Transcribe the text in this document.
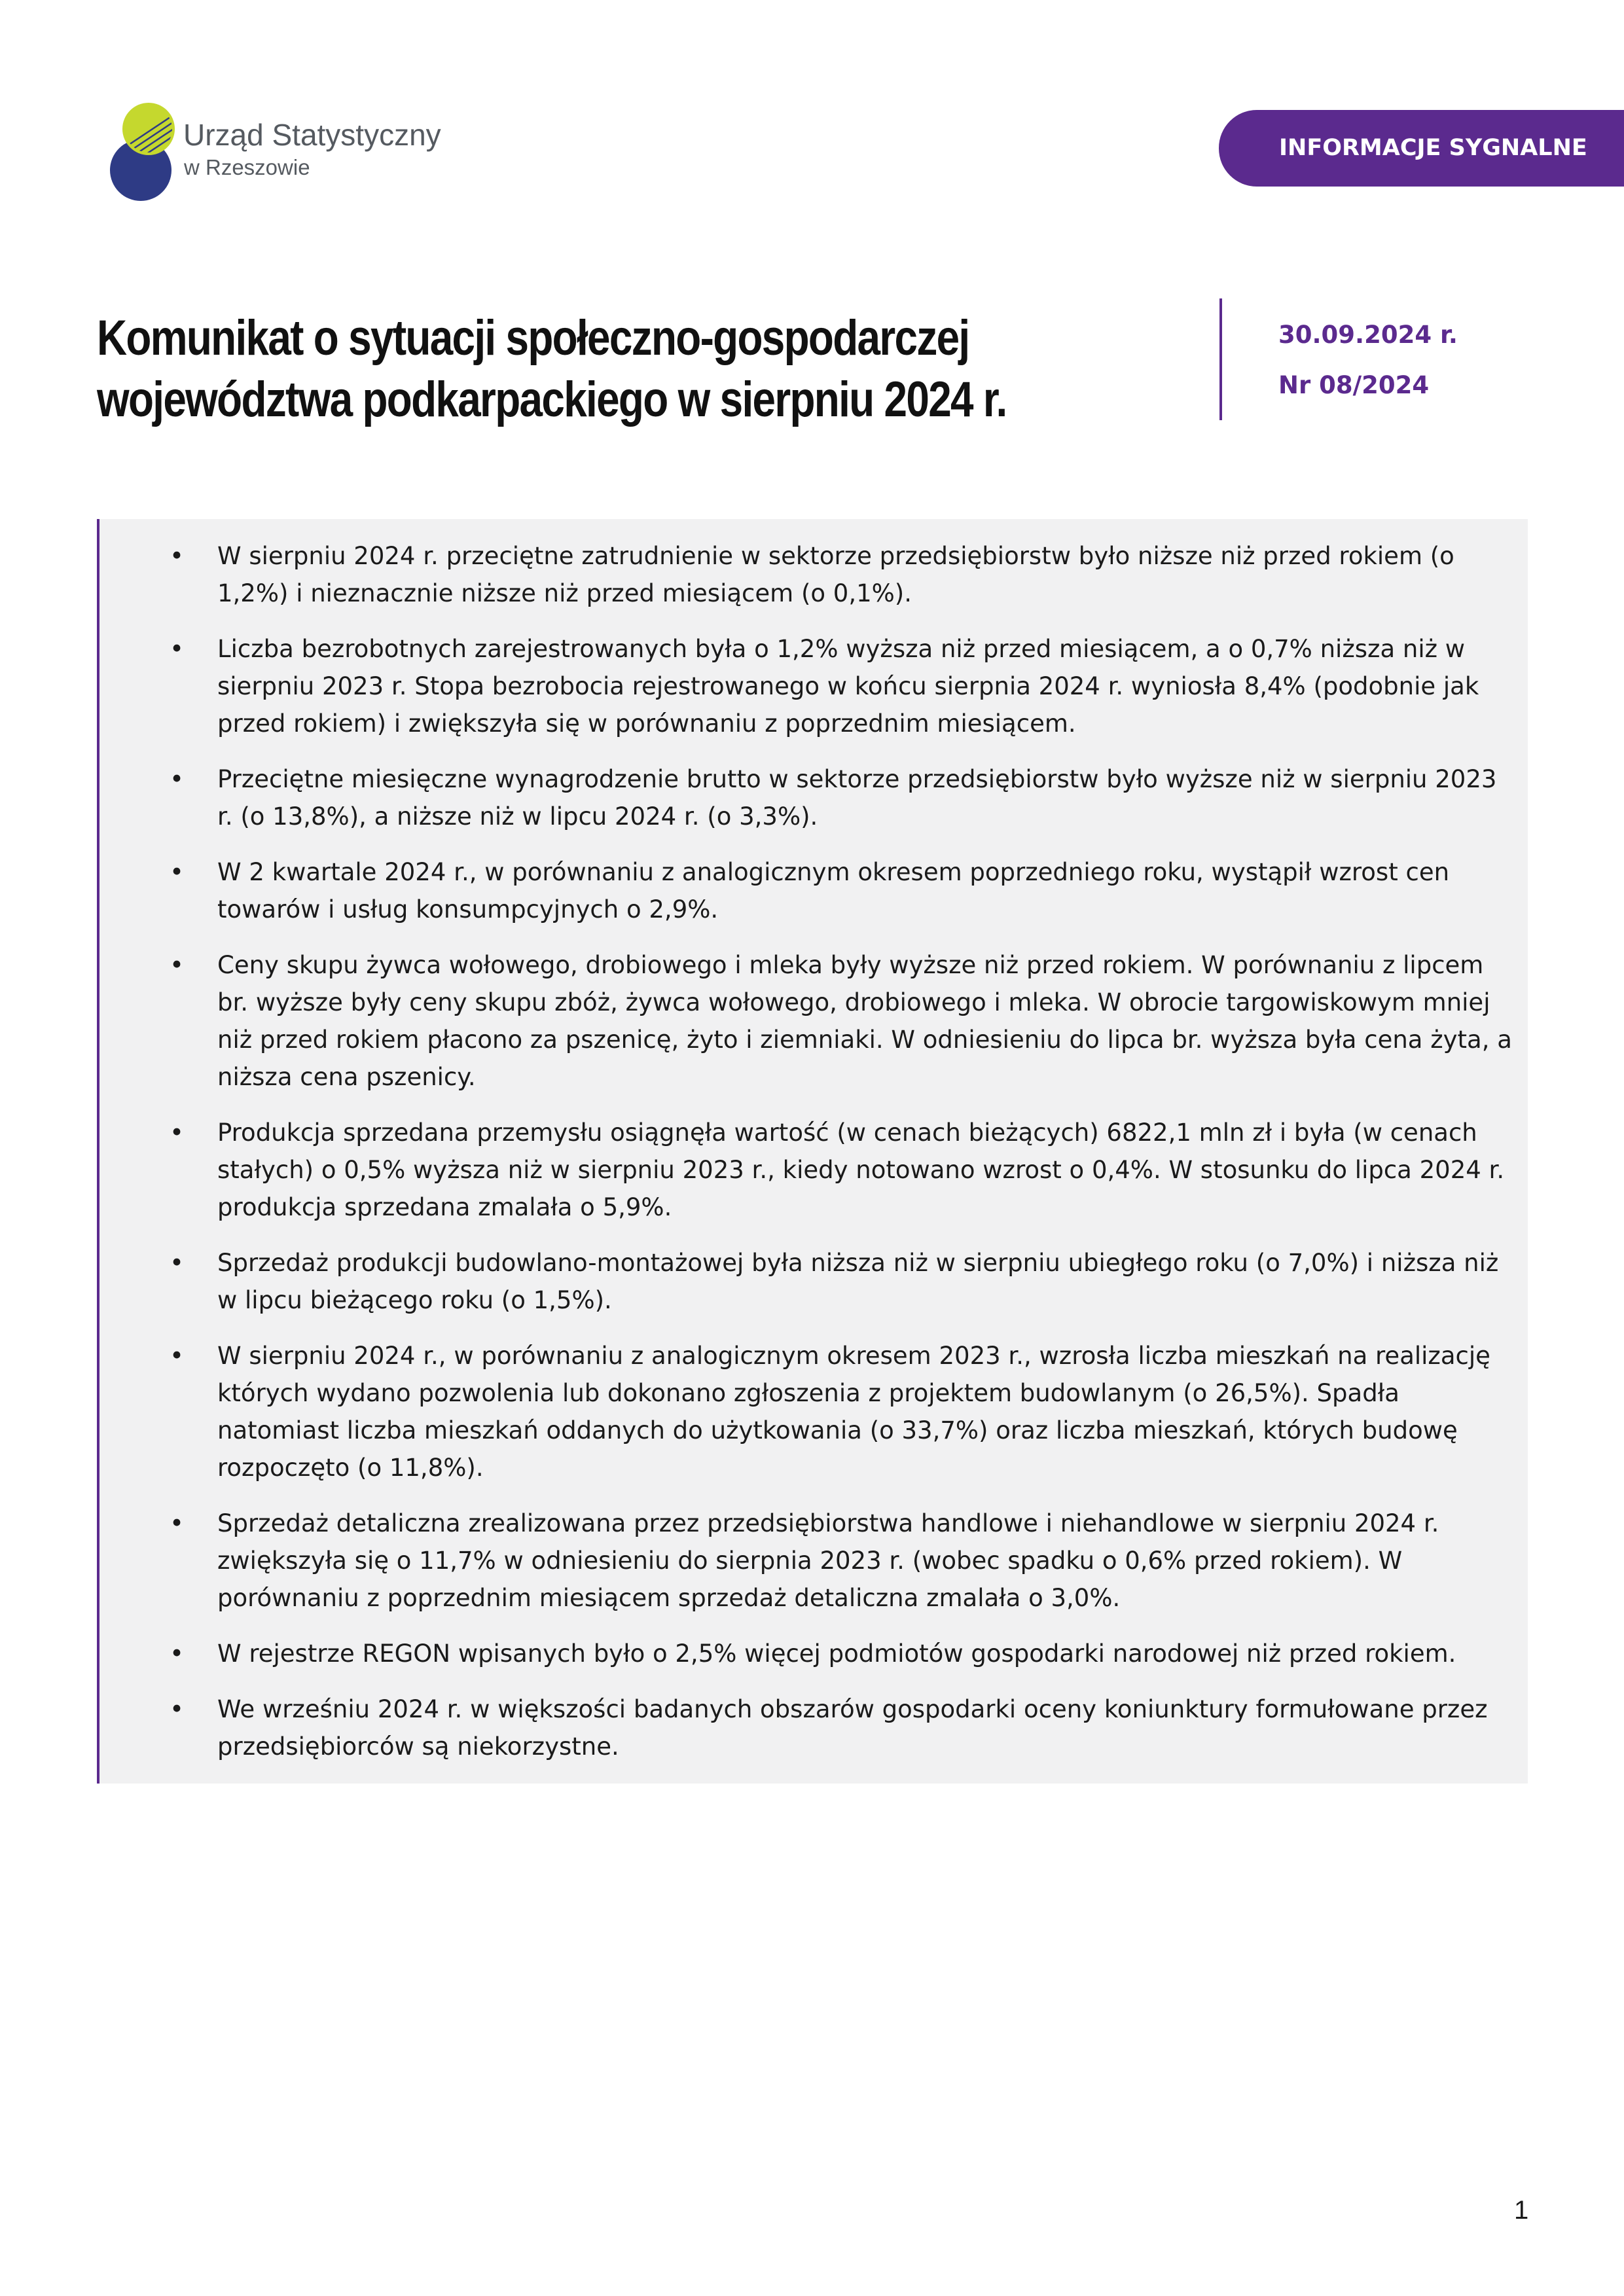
Urząd Statystyczny
w Rzeszowie
INFORMACJE SYGNALNE
Komunikat o sytuacji społeczno-gospodarczej
województwa podkarpackiego w sierpniu 2024 r.
30.09.2024 r.
Nr 08/2024
• W sierpniu 2024 r. przeciętne zatrudnienie w sektorze przedsiębiorstw było niższe niż przed rokiem (o 1,2%) i nieznacznie niższe niż przed miesiącem (o 0,1%).
• Liczba bezrobotnych zarejestrowanych była o 1,2% wyższa niż przed miesiącem, a o 0,7% niższa niż w sierpniu 2023 r. Stopa bezrobocia rejestrowanego w końcu sierpnia 2024 r. wyniosła 8,4% (podobnie jak przed rokiem) i zwiększyła się w porównaniu z poprzednim miesiącem.
• Przeciętne miesięczne wynagrodzenie brutto w sektorze przedsiębiorstw było wyższe niż w sierpniu 2023 r. (o 13,8%), a niższe niż w lipcu 2024 r. (o 3,3%).
• W 2 kwartale 2024 r., w porównaniu z analogicznym okresem poprzedniego roku, wystąpił wzrost cen towarów i usług konsumpcyjnych o 2,9%.
• Ceny skupu żywca wołowego, drobiowego i mleka były wyższe niż przed rokiem. W porównaniu z lipcem br. wyższe były ceny skupu zbóż, żywca wołowego, drobiowego i mleka. W obrocie targowiskowym mniej niż przed rokiem płacono za pszenicę, żyto i ziemniaki. W odniesieniu do lipca br. wyższa była cena żyta, a niższa cena pszenicy.
• Produkcja sprzedana przemysłu osiągnęła wartość (w cenach bieżących) 6822,1 mln zł i była (w cenach stałych) o 0,5% wyższa niż w sierpniu 2023 r., kiedy notowano wzrost o 0,4%. W stosunku do lipca 2024 r. produkcja sprzedana zmalała o 5,9%.
• Sprzedaż produkcji budowlano-montażowej była niższa niż w sierpniu ubiegłego roku (o 7,0%) i niższa niż w lipcu bieżącego roku (o 1,5%).
• W sierpniu 2024 r., w porównaniu z analogicznym okresem 2023 r., wzrosła liczba mieszkań na realizację których wydano pozwolenia lub dokonano zgłoszenia z projektem budowlanym (o 26,5%). Spadła natomiast liczba mieszkań oddanych do użytkowania (o 33,7%) oraz liczba mieszkań, których budowę rozpoczęto (o 11,8%).
• Sprzedaż detaliczna zrealizowana przez przedsiębiorstwa handlowe i niehandlowe w sierpniu 2024 r. zwiększyła się o 11,7% w odniesieniu do sierpnia 2023 r. (wobec spadku o 0,6% przed rokiem). W porównaniu z poprzednim miesiącem sprzedaż detaliczna zmalała o 3,0%.
• W rejestrze REGON wpisanych było o 2,5% więcej podmiotów gospodarki narodowej niż przed rokiem.
• We wrześniu 2024 r. w większości badanych obszarów gospodarki oceny koniunktury formułowane przez przedsiębiorców są niekorzystne.
1
